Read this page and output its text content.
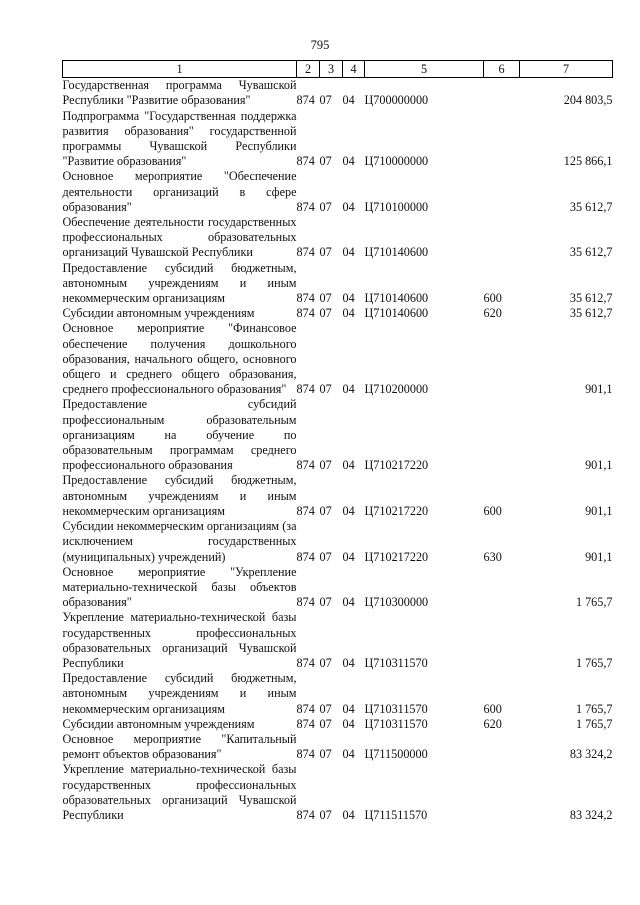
795
1	2	3	4	5	6	7
Государственная программа Чувашской Республики "Развитие образования"	874	07	04	Ц700000000		204 803,5
Подпрограмма "Государственная поддержка развития образования" государственной программы Чувашской Республики "Развитие образования"	874	07	04	Ц710000000		125 866,1
Основное мероприятие "Обеспечение деятельности организаций в сфере образования"	874	07	04	Ц710100000		35 612,7
Обеспечение деятельности государственных профессиональных образовательных организаций Чувашской Республики	874	07	04	Ц710140600		35 612,7
Предоставление субсидий бюджетным, автономным учреждениям и иным некоммерческим организациям	874	07	04	Ц710140600	600	35 612,7
Субсидии автономным учреждениям	874	07	04	Ц710140600	620	35 612,7
Основное мероприятие "Финансовое обеспечение получения дошкольного образования, начального общего, основного общего и среднего общего образования, среднего профессионального образования"	874	07	04	Ц710200000		901,1
Предоставление субсидий профессиональным образовательным организациям на обучение по образовательным программам среднего профессионального образования	874	07	04	Ц710217220		901,1
Предоставление субсидий бюджетным, автономным учреждениям и иным некоммерческим организациям	874	07	04	Ц710217220	600	901,1
Субсидии некоммерческим организациям (за исключением государственных (муниципальных) учреждений)	874	07	04	Ц710217220	630	901,1
Основное мероприятие "Укрепление материально-технической базы объектов образования"	874	07	04	Ц710300000		1 765,7
Укрепление материально-технической базы государственных профессиональных образовательных организаций Чувашской Республики	874	07	04	Ц710311570		1 765,7
Предоставление субсидий бюджетным, автономным учреждениям и иным некоммерческим организациям	874	07	04	Ц710311570	600	1 765,7
Субсидии автономным учреждениям	874	07	04	Ц710311570	620	1 765,7
Основное мероприятие "Капитальный ремонт объектов образования"	874	07	04	Ц711500000		83 324,2
Укрепление материально-технической базы государственных профессиональных образовательных организаций Чувашской Республики	874	07	04	Ц711511570		83 324,2
